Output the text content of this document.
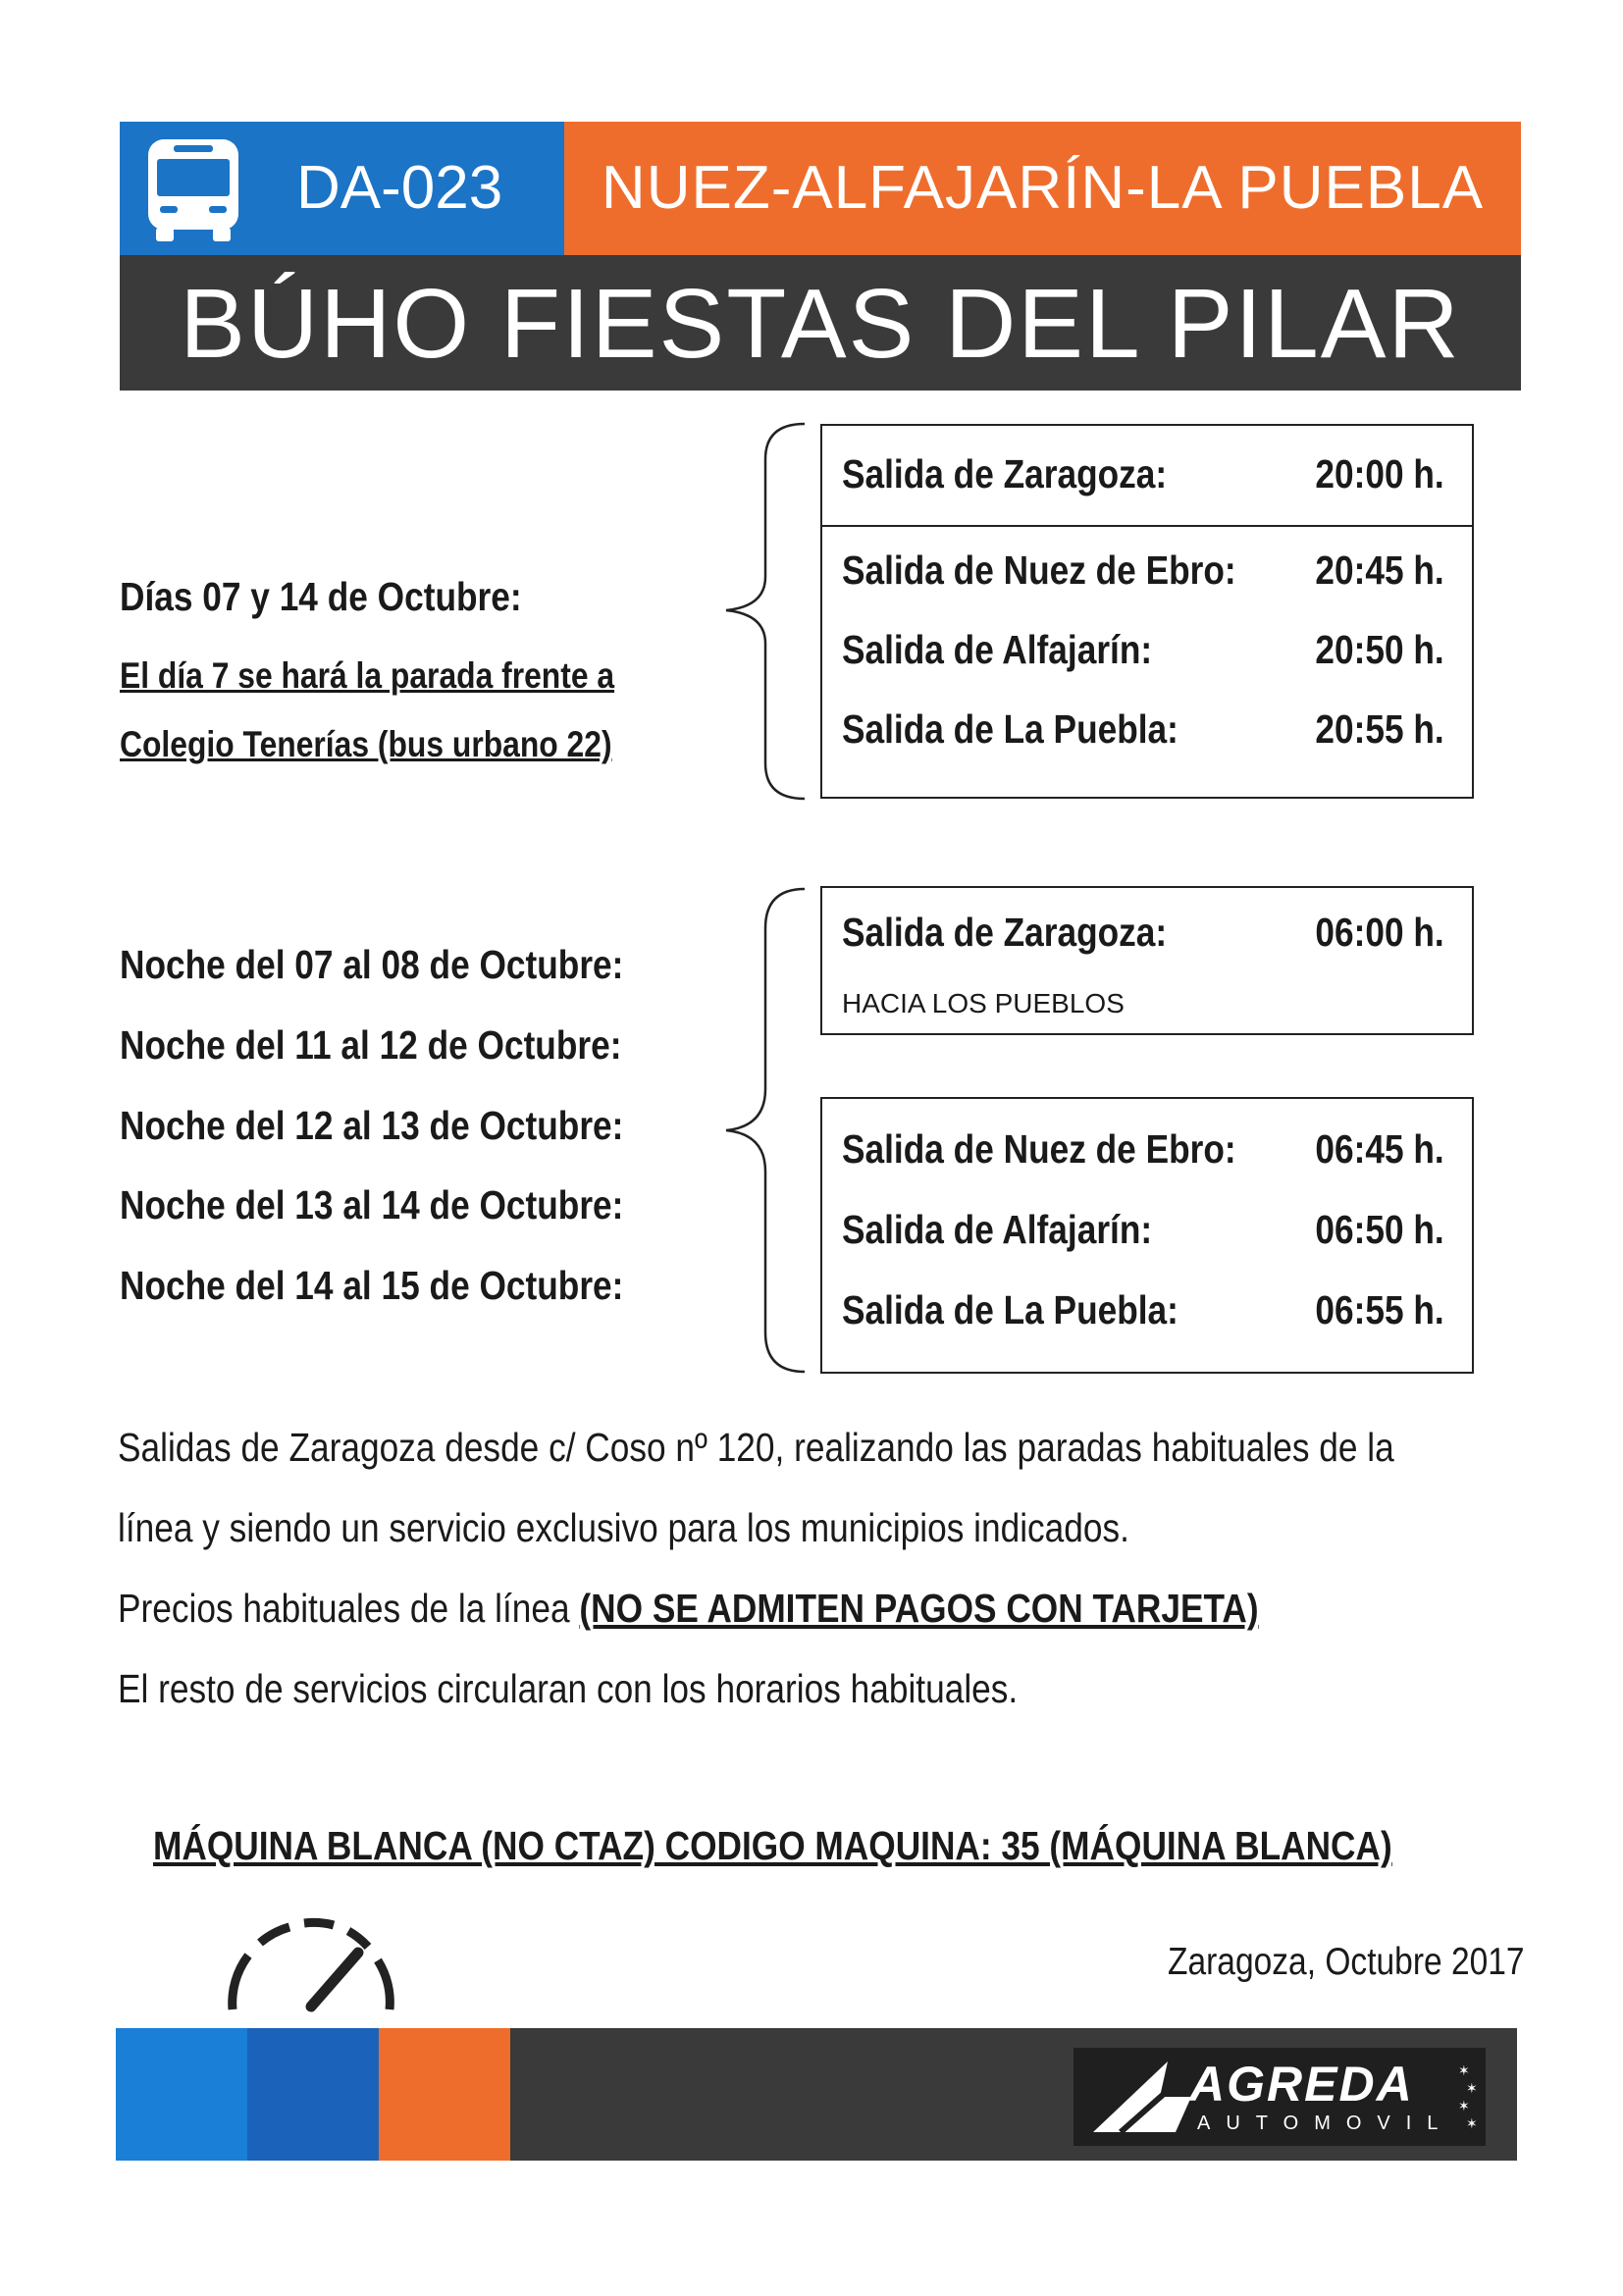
DA-023	NUEZ-ALFAJARÍN-LA PUEBLA
BÚHO FIESTAS DEL PILAR
Días 07 y 14 de Octubre:
El día 7 se hará la parada frente a
Colegio Tenerías (bus urbano 22)
Salida de Zaragoza:	20:00 h.
Salida de Nuez de Ebro: 20:45 h.
Salida de Alfajarín:	20:50 h.
Salida de La Puebla:	20:55 h.
Noche del 07 al 08 de Octubre:
Noche del 11 al 12 de Octubre:
Noche del 12 al 13 de Octubre:
Noche del 13 al 14 de Octubre:
Noche del 14 al 15 de Octubre:
Salida de Zaragoza:	06:00 h.
HACIA LOS PUEBLOS
Salida de Nuez de Ebro: 06:45 h.
Salida de Alfajarín:	06:50 h.
Salida de La Puebla:	06:55 h.
Salidas de Zaragoza desde c/ Coso nº 120, realizando las paradas habituales de la
línea y siendo un servicio exclusivo para los municipios indicados.
Precios habituales de la línea (NO SE ADMITEN PAGOS CON TARJETA)
El resto de servicios circularan con los horarios habituales.
MÁQUINA BLANCA (NO CTAZ) CODIGO MAQUINA: 35 (MÁQUINA BLANCA)
Zaragoza, Octubre 2017
AGREDA
AUTOMOVIL
✶
✶
✶
✶
